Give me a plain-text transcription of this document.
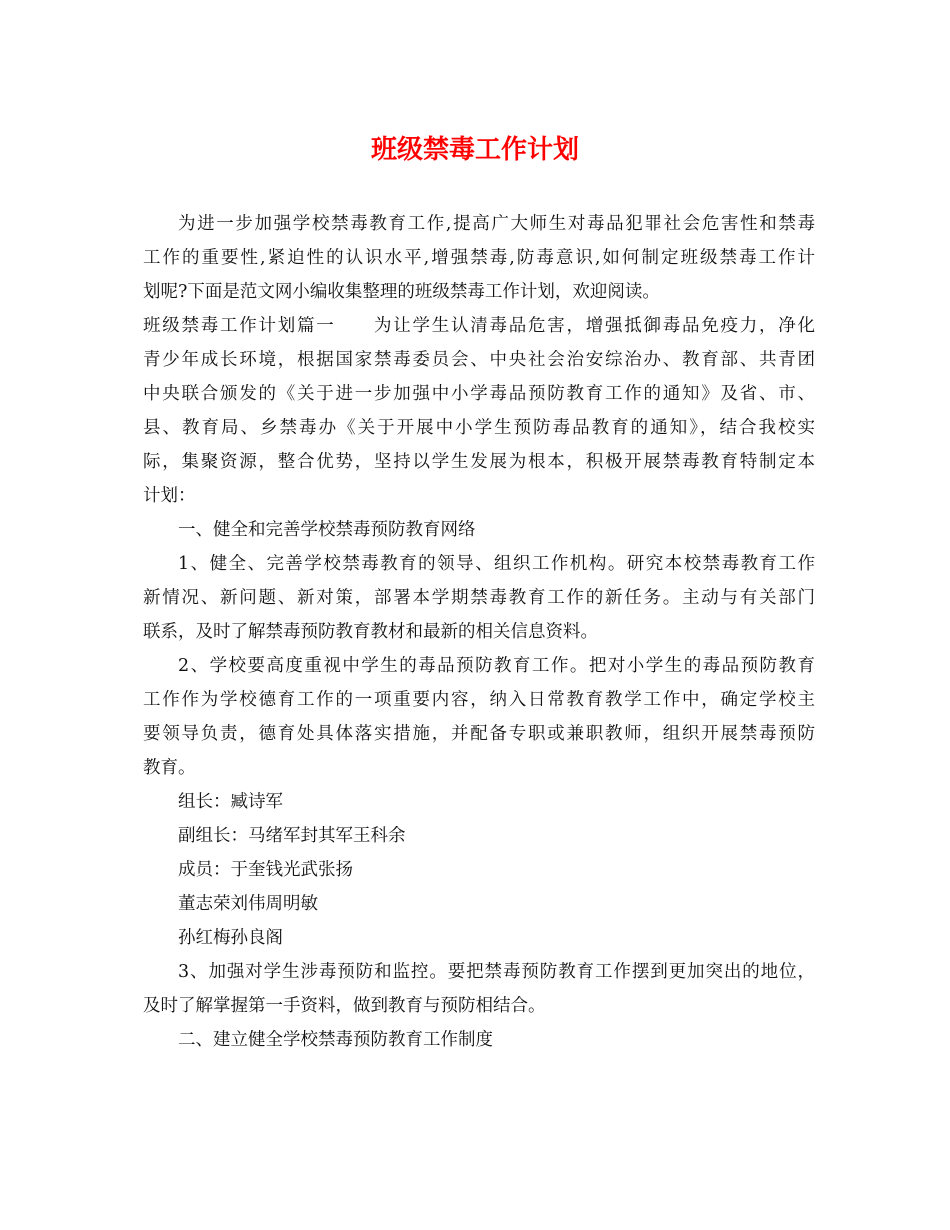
班级禁毒工作计划
为进一步加强学校禁毒教育工作,提高广大师生对毒品犯罪社会危害性和禁毒
工作的重要性,紧迫性的认识水平,增强禁毒,防毒意识,如何制定班级禁毒工作计
划呢?下面是范文网小编收集整理的班级禁毒工作计划，欢迎阅读。
班级禁毒工作计划篇一　　为让学生认清毒品危害，增强抵御毒品免疫力，净化
青少年成长环境，根据国家禁毒委员会、中央社会治安综治办、教育部、共青团
中央联合颁发的《关于进一步加强中小学毒品预防教育工作的通知》及省、市、
县、教育局、乡禁毒办《关于开展中小学生预防毒品教育的通知》，结合我校实
际，集聚资源，整合优势，坚持以学生发展为根本，积极开展禁毒教育特制定本
计划：
一、健全和完善学校禁毒预防教育网络
1、健全、完善学校禁毒教育的领导、组织工作机构。研究本校禁毒教育工作
新情况、新问题、新对策，部署本学期禁毒教育工作的新任务。主动与有关部门
联系，及时了解禁毒预防教育教材和最新的相关信息资料。
2、学校要高度重视中学生的毒品预防教育工作。把对小学生的毒品预防教育
工作作为学校德育工作的一项重要内容，纳入日常教育教学工作中，确定学校主
要领导负责，德育处具体落实措施，并配备专职或兼职教师，组织开展禁毒预防
教育。
组长：臧诗军
副组长：马绪军封其军王科余
成员：于奎钱光武张扬
董志荣刘伟周明敏
孙红梅孙良阁
3、加强对学生涉毒预防和监控。要把禁毒预防教育工作摆到更加突出的地位，
及时了解掌握第一手资料，做到教育与预防相结合。
二、建立健全学校禁毒预防教育工作制度
